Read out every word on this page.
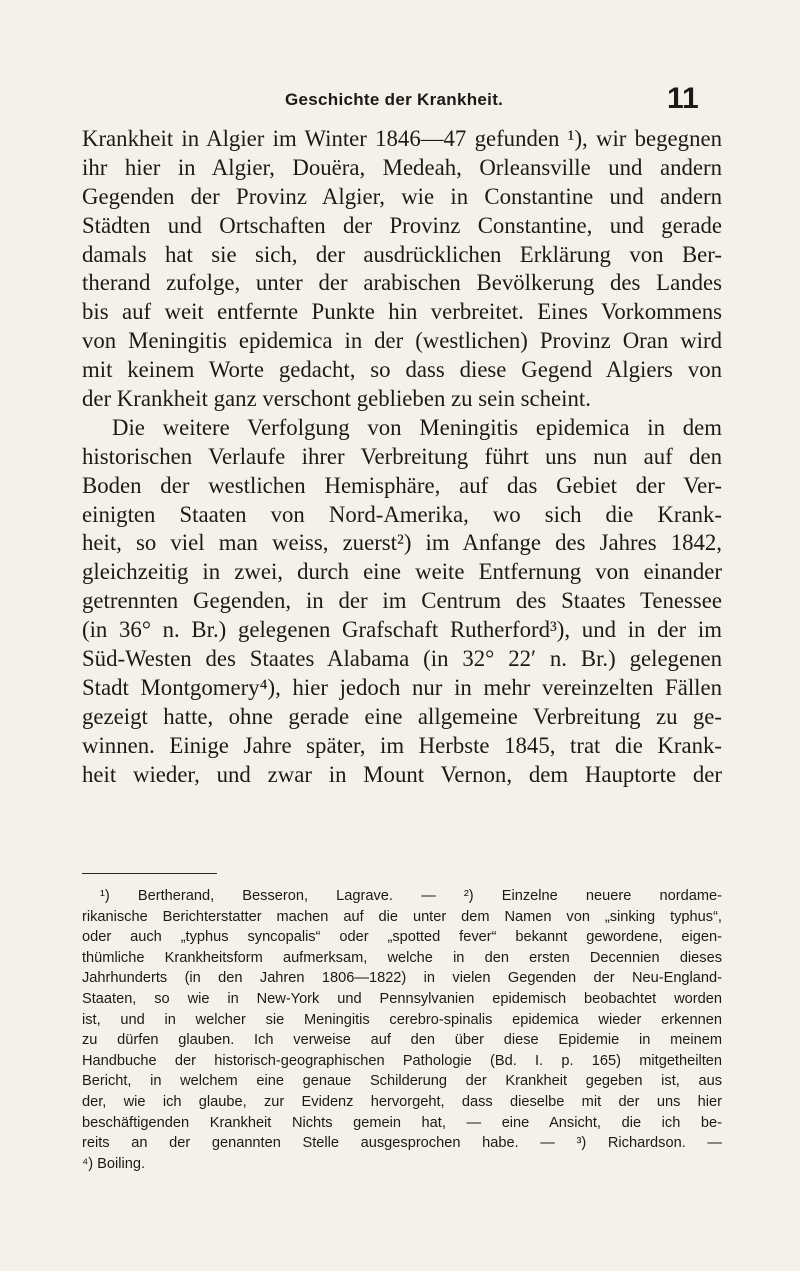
Geschichte der Krankheit.	11
Krankheit in Algier im Winter 1846—47 gefunden ¹), wir begegnen
ihr hier in Algier, Douëra, Medeah, Orleansville und andern
Gegenden der Provinz Algier, wie in Constantine und andern
Städten und Ortschaften der Provinz Constantine, und gerade
damals hat sie sich, der ausdrücklichen Erklärung von Ber-
therand zufolge, unter der arabischen Bevölkerung des Landes
bis auf weit entfernte Punkte hin verbreitet. Eines Vorkommens
von Meningitis epidemica in der (westlichen) Provinz Oran wird
mit keinem Worte gedacht, so dass diese Gegend Algiers von
der Krankheit ganz verschont geblieben zu sein scheint.
Die weitere Verfolgung von Meningitis epidemica in dem
historischen Verlaufe ihrer Verbreitung führt uns nun auf den
Boden der westlichen Hemisphäre, auf das Gebiet der Ver-
einigten Staaten von Nord-Amerika, wo sich die Krank-
heit, so viel man weiss, zuerst²) im Anfange des Jahres 1842,
gleichzeitig in zwei, durch eine weite Entfernung von einander
getrennten Gegenden, in der im Centrum des Staates Tenessee
(in 36° n. Br.) gelegenen Grafschaft Rutherford³), und in der im
Süd-Westen des Staates Alabama (in 32° 22′ n. Br.) gelegenen
Stadt Mоntgomery⁴), hier jedoch nur in mehr vereinzelten Fällen
gezeigt hatte, ohne gerade eine allgemeine Verbreitung zu ge-
winnen. Einige Jahre später, im Herbste 1845, trat die Krank-
heit wieder, und zwar in Mount Vernon, dem Hauptorte der
¹) Bertherand, Besseron, Lagrave. — ²) Einzelne neuere nordame-
rikanische Berichterstatter machen auf die unter dem Namen von „sinking typhus“,
oder auch „typhus syncopalis“ oder „spotted fever“ bekannt gewordene, eigen-
thümliche Krankheitsform aufmerksam, welche in den ersten Decennien dieses
Jahrhunderts (in den Jahren 1806—1822) in vielen Gegenden der Neu-England-
Staaten, so wie in New-York und Pennsylvanien epidemisch beobachtet worden
ist, und in welcher sie Meningitis cerebro-spinalis epidemica wieder erkennen
zu dürfen glauben. Ich verweise auf den über diese Epidemie in meinem
Handbuche der historisch-geographischen Pathologie (Bd. I. p. 165) mitgetheilten
Bericht, in welchem eine genaue Schilderung der Krankheit gegeben ist, aus
der, wie ich glaube, zur Evidenz hervorgeht, dass dieselbe mit der uns hier
beschäftigenden Krankheit Nichts gemein hat, — eine Ansicht, die ich be-
reits an der genannten Stelle ausgesprochen habe. — ³) Richardson. —
⁴) Boiling.
